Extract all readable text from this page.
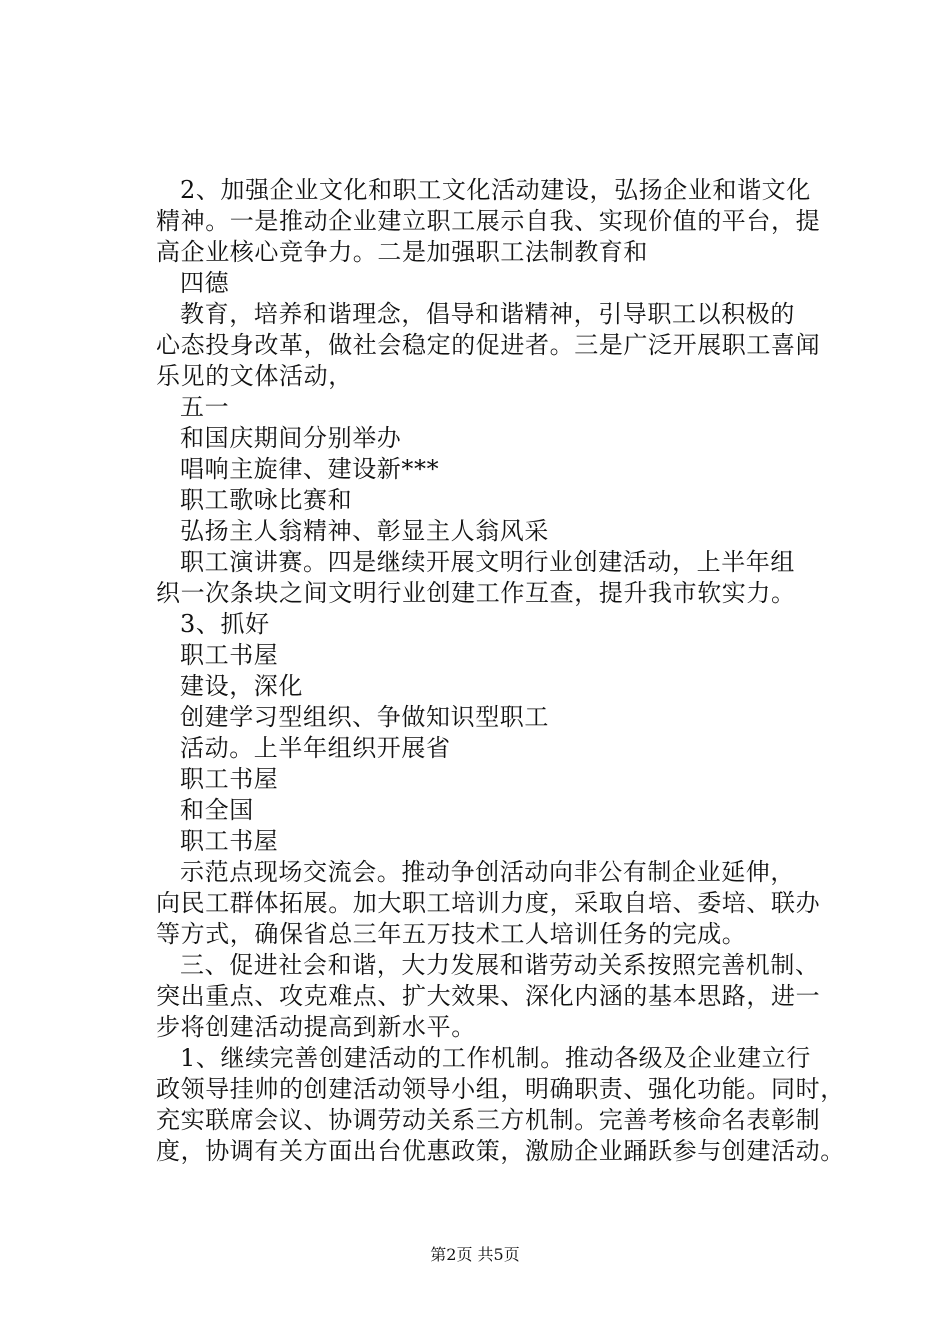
2、加强企业文化和职工文化活动建设，弘扬企业和谐文化
精神。一是推动企业建立职工展示自我、实现价值的平台，提
高企业核心竞争力。二是加强职工法制教育和
四德
教育，培养和谐理念，倡导和谐精神，引导职工以积极的
心态投身改革，做社会稳定的促进者。三是广泛开展职工喜闻
乐见的文体活动，
五一
和国庆期间分别举办
唱响主旋律、建设新***
职工歌咏比赛和
弘扬主人翁精神、彰显主人翁风采
职工演讲赛。四是继续开展文明行业创建活动，上半年组
织一次条块之间文明行业创建工作互查，提升我市软实力。
3、抓好
职工书屋
建设，深化
创建学习型组织、争做知识型职工
活动。上半年组织开展省
职工书屋
和全国
职工书屋
示范点现场交流会。推动争创活动向非公有制企业延伸，
向民工群体拓展。加大职工培训力度，采取自培、委培、联办
等方式，确保省总三年五万技术工人培训任务的完成。
三、促进社会和谐，大力发展和谐劳动关系按照完善机制、
突出重点、攻克难点、扩大效果、深化内涵的基本思路，进一
步将创建活动提高到新水平。
1、继续完善创建活动的工作机制。推动各级及企业建立行
政领导挂帅的创建活动领导小组，明确职责、强化功能。同时，
充实联席会议、协调劳动关系三方机制。完善考核命名表彰制
度，协调有关方面出台优惠政策，激励企业踊跃参与创建活动。
第2页 共5页
